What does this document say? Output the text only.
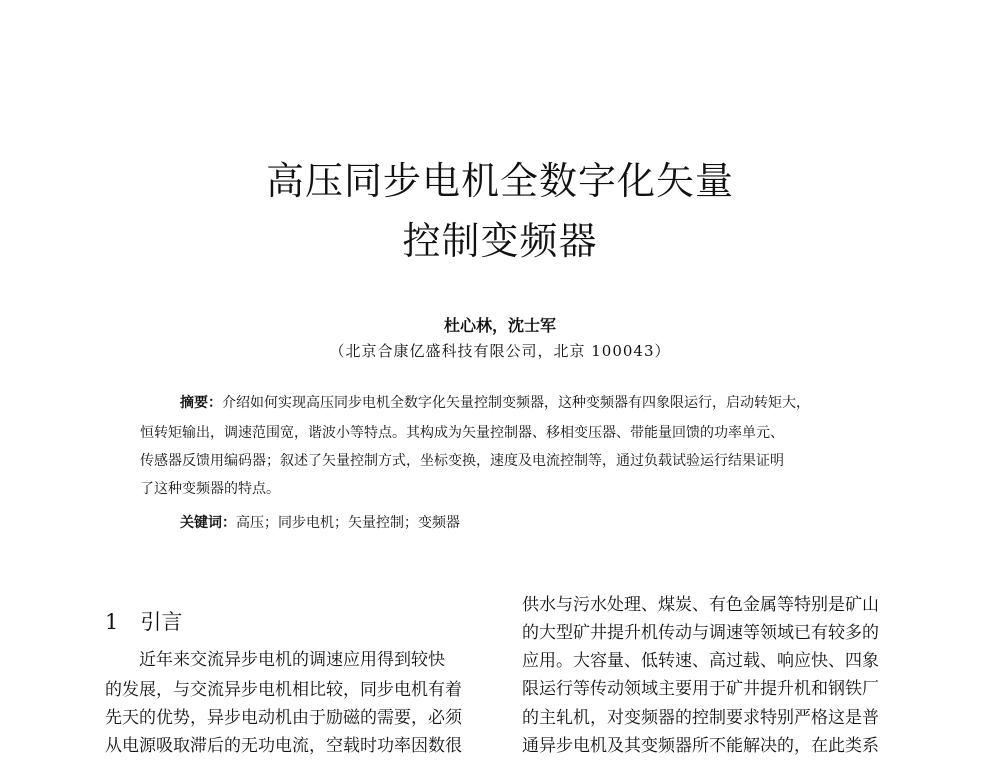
高压同步电机全数字化矢量
控制变频器
杜心林，沈士军
（北京合康亿盛科技有限公司，北京 100043）
摘要：介绍如何实现高压同步电机全数字化矢量控制变频器，这种变频器有四象限运行，启动转矩大，
恒转矩输出，调速范围宽，谐波小等特点。其构成为矢量控制器、移相变压器、带能量回馈的功率单元、
传感器反馈用编码器；叙述了矢量控制方式，坐标变换，速度及电流控制等，通过负载试验运行结果证明
了这种变频器的特点。
关键词：高压；同步电机；矢量控制；变频器
1 引言
近年来交流异步电机的调速应用得到较快
的发展，与交流异步电机相比较，同步电机有着
先天的优势，异步电动机由于励磁的需要，必须
从电源吸取滞后的无功电流，空载时功率因数很
供水与污水处理、煤炭、有色金属等特别是矿山
的大型矿井提升机传动与调速等领域已有较多的
应用。大容量、低转速、高过载、响应快、四象
限运行等传动领域主要用于矿井提升机和钢铁厂
的主轧机，对变频器的控制要求特别严格这是普
通异步电机及其变频器所不能解决的，在此类系
